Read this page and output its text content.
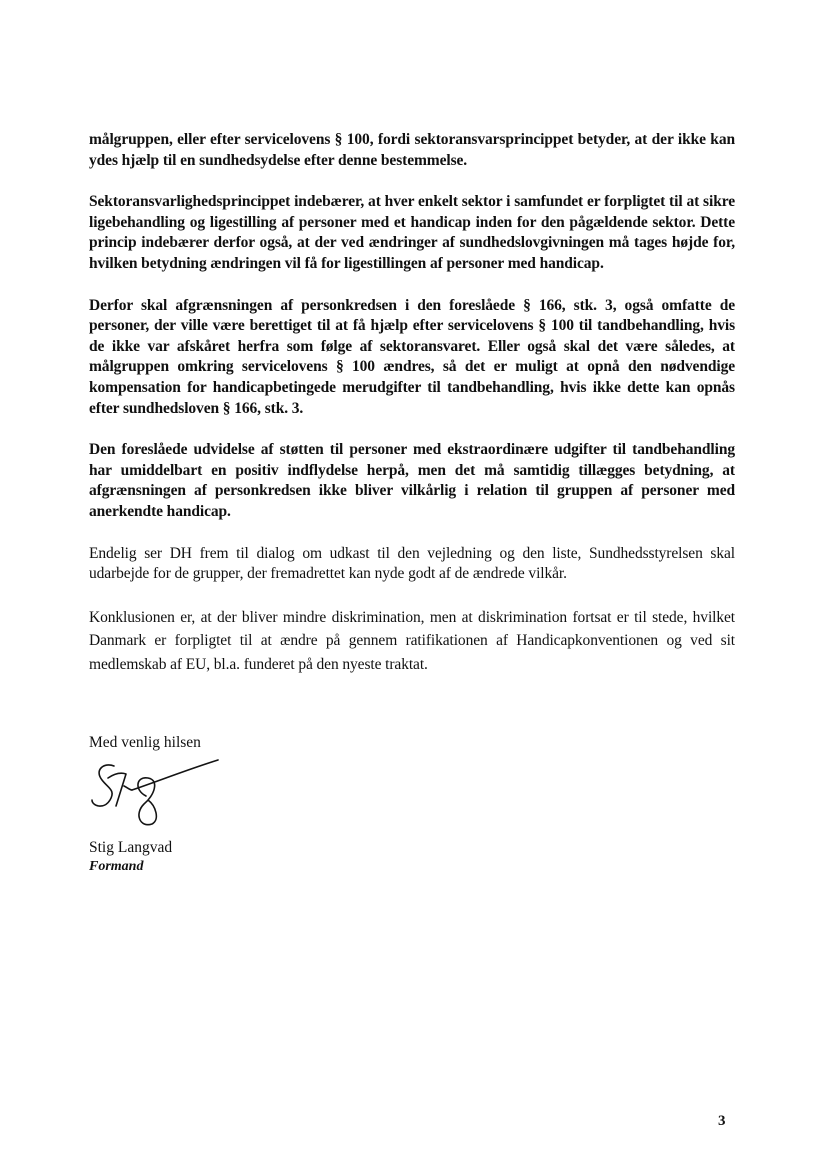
målgruppen, eller efter servicelovens § 100, fordi sektoransvarsprincippet betyder, at der ikke kan ydes hjælp til en sundhedsydelse efter denne bestemmelse.

Sektoransvarlighedsprincippet indebærer, at hver enkelt sektor i samfundet er forpligtet til at sikre ligebehandling og ligestilling af personer med et handicap inden for den pågældende sektor. Dette princip indebærer derfor også, at der ved ændringer af sundhedslovgivningen må tages højde for, hvilken betydning ændringen vil få for ligestillingen af personer med handicap.

Derfor skal afgrænsningen af personkredsen i den foreslåede § 166, stk. 3, også omfatte de personer, der ville være berettiget til at få hjælp efter servicelovens § 100 til tandbehandling, hvis de ikke var afskåret herfra som følge af sektoransvaret. Eller også skal det være således, at målgruppen omkring servicelovens § 100 ændres, så det er muligt at opnå den nødvendige kompensation for handicapbetingede merudgifter til tandbehandling, hvis ikke dette kan opnås efter sundhedsloven § 166, stk. 3.

Den foreslåede udvidelse af støtten til personer med ekstraordinære udgifter til tandbehandling har umiddelbart en positiv indflydelse herpå, men det må samtidig tillægges betydning, at afgrænsningen af personkredsen ikke bliver vilkårlig i relation til gruppen af personer med anerkendte handicap.

Endelig ser DH frem til dialog om udkast til den vejledning og den liste, Sundhedsstyrelsen skal udarbejde for de grupper, der fremadrettet kan nyde godt af de ændrede vilkår.

Konklusionen er, at der bliver mindre diskrimination, men at diskrimination fortsat er til stede, hvilket Danmark er forpligtet til at ændre på gennem ratifikationen af Handicapkonventionen og ved sit medlemskab af EU, bl.a. funderet på den nyeste traktat.

Med venlig hilsen
Stig Langvad
Formand
3
